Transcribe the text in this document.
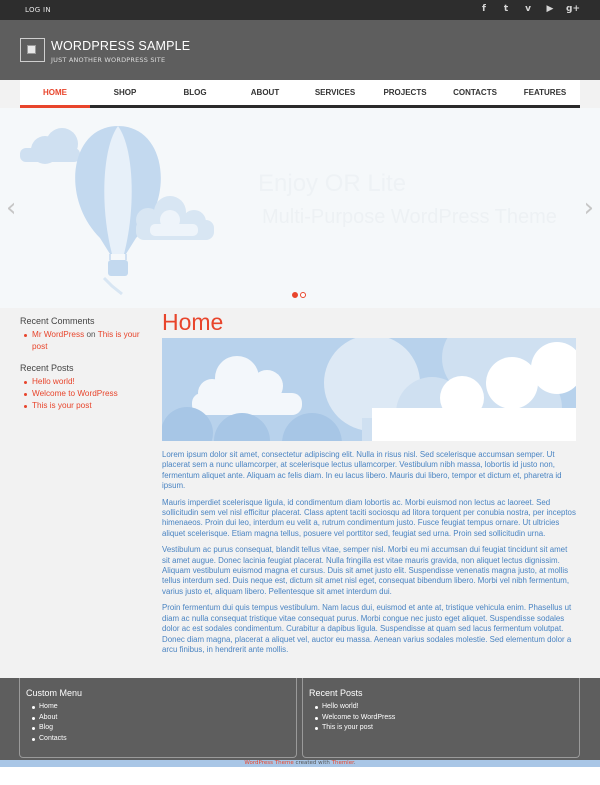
LOG IN	f	t	v	▶ g+
WORDPRESS SAMPLE
JUST ANOTHER WORDPRESS SITE
HOME	SHOP	BLOG	ABOUT	SERVICES	PROJECTS	CONTACTS	FEATURES
Enjoy OR Lite
Multi-Purpose WordPress Theme
‹	›
Recent Comments
Mr WordPress on This is your post
Recent Posts
Hello world!
Welcome to WordPress
This is your post
Home

Lorem ipsum dolor sit amet, consectetur adipiscing elit. Nulla in risus nisl. Sed scelerisque accumsan semper. Ut placerat sem a nunc ullamcorper, at scelerisque lectus ullamcorper. Vestibulum nibh massa, lobortis id justo non, fermentum aliquet ante. Aliquam ac felis diam. In eu lacus libero. Mauris dui libero, tempor et dictum et, pharetra id ipsum.

Mauris imperdiet scelerisque ligula, id condimentum diam lobortis ac. Morbi euismod non lectus ac laoreet. Sed sollicitudin sem vel nisl efficitur placerat. Class aptent taciti sociosqu ad litora torquent per conubia nostra, per inceptos himenaeos. Proin dui leo, interdum eu velit a, rutrum condimentum justo. Fusce feugiat tempus ornare. Ut ultricies aliquet scelerisque. Etiam magna tellus, posuere vel porttitor sed, feugiat sed urna. Proin sed sollicitudin urna.

Vestibulum ac purus consequat, blandit tellus vitae, semper nisl. Morbi eu mi accumsan dui feugiat tincidunt sit amet sit amet augue. Donec lacinia feugiat placerat. Nulla fringilla est vitae mauris gravida, non aliquet lectus dignissim. Aliquam vestibulum euismod magna et cursus. Duis sit amet justo elit. Suspendisse venenatis magna justo, at mollis tellus interdum sed. Duis neque est, dictum sit amet nisl eget, consequat bibendum libero. Morbi vel nibh fermentum, varius justo et, aliquam libero. Pellentesque sit amet interdum dui.

Proin fermentum dui quis tempus vestibulum. Nam lacus dui, euismod et ante at, tristique vehicula enim. Phasellus ut diam ac nulla consequat tristique vitae consequat purus. Morbi congue nec justo eget aliquet. Suspendisse sodales dolor ac est sodales condimentum. Curabitur a dapibus ligula. Suspendisse at quam sed lacus fermentum volutpat. Donec diam magna, placerat a aliquet vel, auctor eu massa. Aenean varius sodales molestie. Sed elementum dolor a arcu finibus, in hendrerit ante mollis.

Custom Menu
Home
About
Blog
Contacts
Recent Posts
Hello world!
Welcome to WordPress
This is your post
WordPress Theme created with Themler.
